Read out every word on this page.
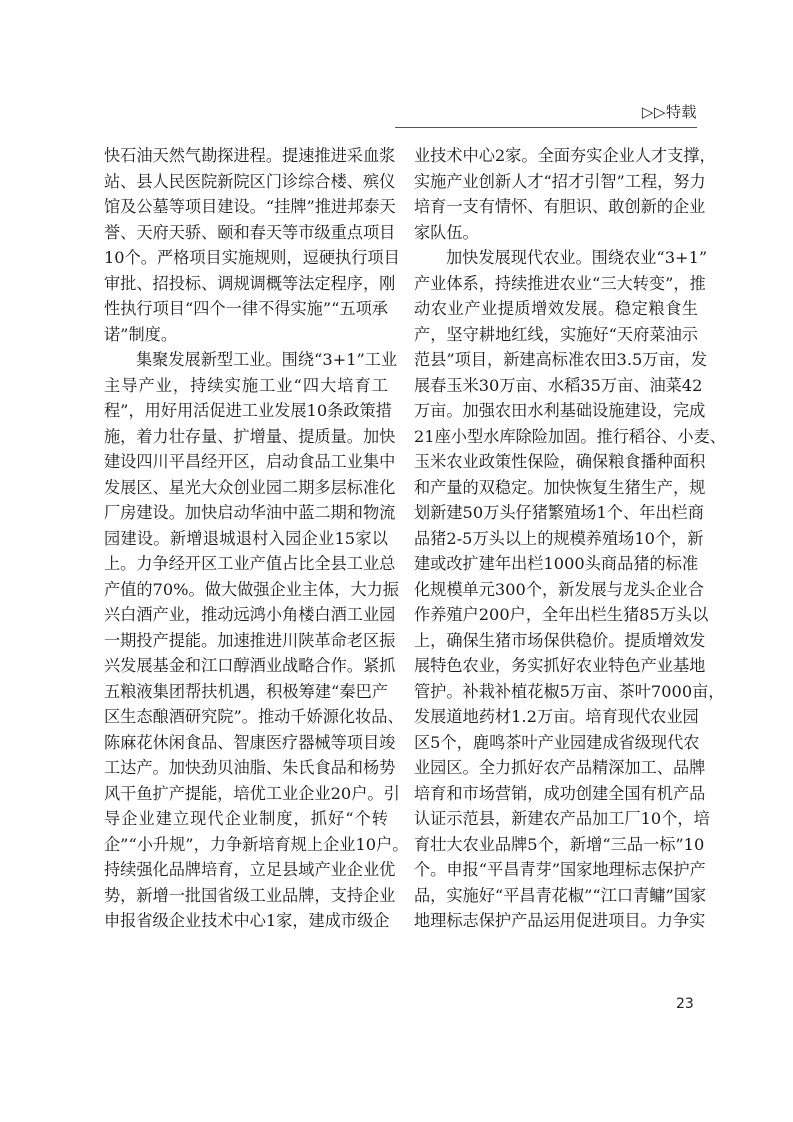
▷▷特载
快石油天然气勘探进程。提速推进采血浆
站、县人民医院新院区门诊综合楼、殡仪
馆及公墓等项目建设。“挂牌”推进邦泰天
誉、天府天骄、颐和春天等市级重点项目
10个。严格项目实施规则，逗硬执行项目
审批、招投标、调规调概等法定程序，刚
性执行项目“四个一律不得实施”“五项承
诺”制度。
集聚发展新型工业。围绕“3+1”工业
主导产业，持续实施工业“四大培育工
程”，用好用活促进工业发展10条政策措
施，着力壮存量、扩增量、提质量。加快
建设四川平昌经开区，启动食品工业集中
发展区、星光大众创业园二期多层标准化
厂房建设。加快启动华油中蓝二期和物流
园建设。新增退城退村入园企业15家以
上。力争经开区工业产值占比全县工业总
产值的70%。做大做强企业主体，大力振
兴白酒产业，推动远鸿小角楼白酒工业园
一期投产提能。加速推进川陕革命老区振
兴发展基金和江口醇酒业战略合作。紧抓
五粮液集团帮扶机遇，积极筹建“秦巴产
区生态酿酒研究院”。推动千娇源化妆品、
陈麻花休闲食品、智康医疗器械等项目竣
工达产。加快劲贝油脂、朱氏食品和杨势
风干鱼扩产提能，培优工业企业20户。引
导企业建立现代企业制度，抓好“个转
企”“小升规”，力争新培育规上企业10户。
持续强化品牌培育，立足县域产业企业优
势，新增一批国省级工业品牌，支持企业
申报省级企业技术中心1家，建成市级企
业技术中心2家。全面夯实企业人才支撑，
实施产业创新人才“招才引智”工程，努力
培育一支有情怀、有胆识、敢创新的企业
家队伍。
加快发展现代农业。围绕农业“3+1”
产业体系，持续推进农业“三大转变”，推
动农业产业提质增效发展。稳定粮食生
产，坚守耕地红线，实施好“天府菜油示
范县”项目，新建高标准农田3.5万亩，发
展春玉米30万亩、水稻35万亩、油菜42
万亩。加强农田水利基础设施建设，完成
21座小型水库除险加固。推行稻谷、小麦、
玉米农业政策性保险，确保粮食播种面积
和产量的双稳定。加快恢复生猪生产，规
划新建50万头仔猪繁殖场1个、年出栏商
品猪2-5万头以上的规模养殖场10个，新
建或改扩建年出栏1000头商品猪的标准
化规模单元300个，新发展与龙头企业合
作养殖户200户，全年出栏生猪85万头以
上，确保生猪市场保供稳价。提质增效发
展特色农业，务实抓好农业特色产业基地
管护。补栽补植花椒5万亩、茶叶7000亩，
发展道地药材1.2万亩。培育现代农业园
区5个，鹿鸣茶叶产业园建成省级现代农
业园区。全力抓好农产品精深加工、品牌
培育和市场营销，成功创建全国有机产品
认证示范县，新建农产品加工厂10个，培
育壮大农业品牌5个，新增“三品一标”10
个。申报“平昌青芽”国家地理标志保护产
品，实施好“平昌青花椒”“江口青鳙”国家
地理标志保护产品运用促进项目。力争实
23
